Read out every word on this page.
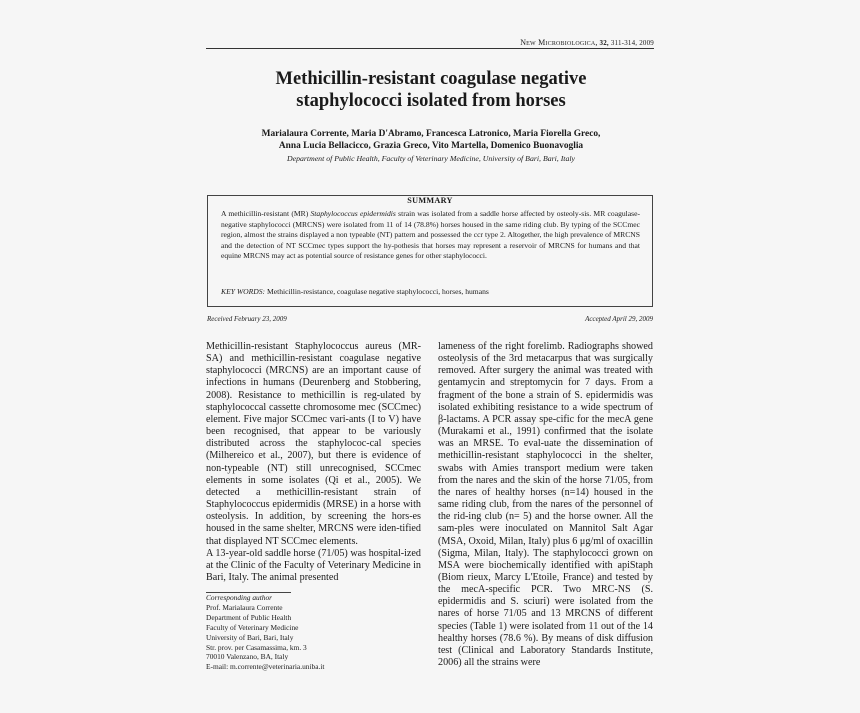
New Microbiologica, 32, 311-314, 2009
Methicillin-resistant coagulase negative
staphylococci isolated from horses
Marialaura Corrente, Maria D'Abramo, Francesca Latronico, Maria Fiorella Greco,
Anna Lucia Bellacicco, Grazia Greco, Vito Martella, Domenico Buonavoglia
Department of Public Health, Faculty of Veterinary Medicine, University of Bari, Bari, Italy
SUMMARY
A methicillin-resistant (MR) Staphylococcus epidermidis strain was isolated from a saddle horse affected by osteoly-sis. MR coagulase-negative staphylococci (MRCNS) were isolated from 11 of 14 (78.8%) horses housed in the same riding club. By typing of the SCCmec region, almost the strains displayed a non typeable (NT) pattern and possessed the ccr type 2. Altogether, the high prevalence of MRCNS and the detection of NT SCCmec types support the hy-pothesis that horses may represent a reservoir of MRCNS for humans and that equine MRCNS may act as potential source of resistance genes for other staphylococci.
KEY WORDS: Methicillin-resistance, coagulase negative staphylococci, horses, humans
Received February 23, 2009	Accepted April 29, 2009

Methicillin-resistant Staphylococcus aureus (MR-SA) and methicillin-resistant coagulase negative staphylococci (MRCNS) are an important cause of infections in humans (Deurenberg and Stobbering, 2008). Resistance to methicillin is reg-ulated by staphylococcal cassette chromosome mec (SCCmec) element. Five major SCCmec vari-ants (I to V) have been recognised, that appear to be variously distributed across the staphylococ-cal species (Milhereico et al., 2007), but there is evidence of non-typeable (NT) still unrecognised, SCCmec elements in some isolates (Qi et al., 2005). We detected a methicillin-resistant strain of Staphylococcus epidermidis (MRSE) in a horse with osteolysis. In addition, by screening the hors-es housed in the same shelter, MRCNS were iden-tified that displayed NT SCCmec elements.

A 13-year-old saddle horse (71/05) was hospital-ized at the Clinic of the Faculty of Veterinary Medicine in Bari, Italy. The animal presented

Corresponding author
Prof. Marialaura Corrente
Department of Public Health
Faculty of Veterinary Medicine
University of Bari, Bari, Italy
Str. prov. per Casamassima, km. 3
70010 Valenzano, BA, Italy
E-mail: m.corrente@veterinaria.uniba.it

lameness of the right forelimb. Radiographs showed osteolysis of the 3rd metacarpus that was surgically removed. After surgery the animal was treated with gentamycin and streptomycin for 7 days. From a fragment of the bone a strain of S. epidermidis was isolated exhibiting resistance to a wide spectrum of β-lactams. A PCR assay spe-cific for the mecA gene (Murakami et al., 1991) confirmed that the isolate was an MRSE. To eval-uate the dissemination of methicillin-resistant staphylococci in the shelter, swabs with Amies transport medium were taken from the nares and the skin of the horse 71/05, from the nares of healthy horses (n=14) housed in the same riding club, from the nares of the personnel of the rid-ing club (n= 5) and the horse owner. All the sam-ples were inoculated on Mannitol Salt Agar (MSA, Oxoid, Milan, Italy) plus 6 μg/ml of oxacillin (Sigma, Milan, Italy). The staphylococci grown on MSA were biochemically identified with apiStaph (Biom rieux, Marcy L'Etoile, France) and tested by the mecA-specific PCR. Two MRC-NS (S. epidermidis and S. sciuri) were isolated from the nares of horse 71/05 and 13 MRCNS of different species (Table 1) were isolated from 11 out of the 14 healthy horses (78.6 %). By means of disk diffusion test (Clinical and Laboratory Standards Institute, 2006) all the strains were
